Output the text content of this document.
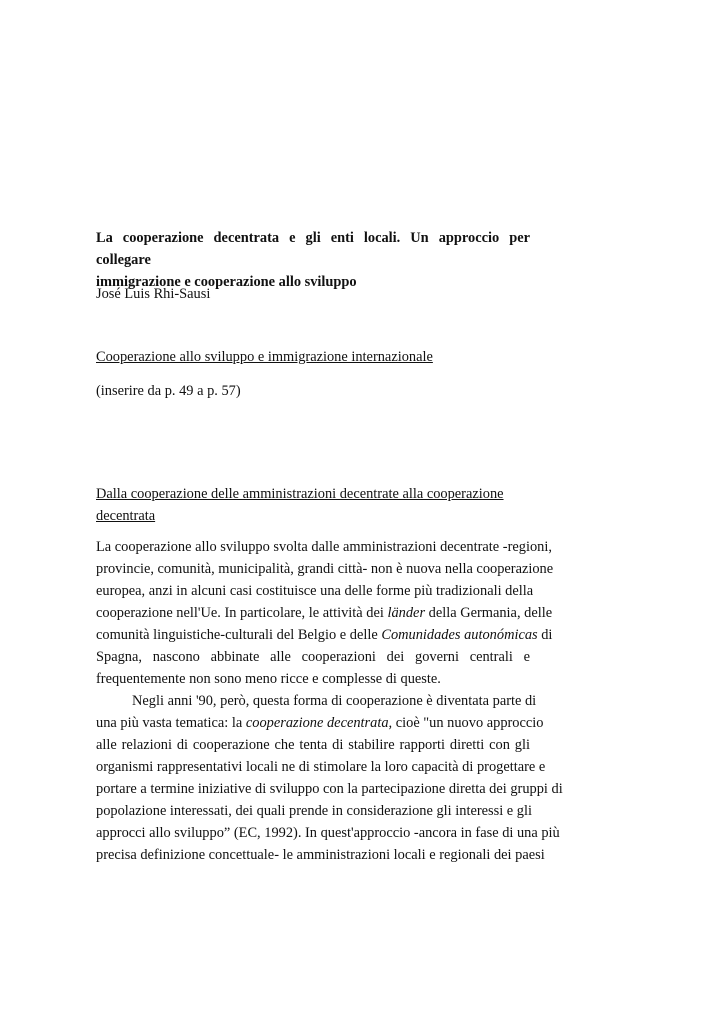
La cooperazione decentrata e gli enti locali. Un approccio per collegare
immigrazione e cooperazione allo sviluppo
José Luis Rhi-Sausi
Cooperazione allo sviluppo e immigrazione internazionale
(inserire da p. 49 a p. 57)
Dalla cooperazione delle amministrazioni decentrate alla cooperazione
decentrata
La cooperazione allo sviluppo svolta dalle amministrazioni decentrate -regioni,
provincie, comunità, municipalità, grandi città- non è nuova nella cooperazione
europea, anzi in alcuni casi costituisce una delle forme più tradizionali della
cooperazione nell'Ue. In particolare, le attività dei länder della Germania, delle
comunità linguistiche-culturali del Belgio e delle Comunidades autonómicas di
Spagna, nascono abbinate alle cooperazioni dei governi centrali e
frequentemente non sono meno ricce e complesse di queste.
Negli anni '90, però, questa forma di cooperazione è diventata parte di
una più vasta tematica: la cooperazione decentrata, cioè "un nuovo approccio
alle relazioni di cooperazione che tenta di stabilire rapporti diretti con gli
organismi rappresentativi locali ne di stimolare la loro capacità di progettare e
portare a termine iniziative di sviluppo con la partecipazione diretta dei gruppi di
popolazione interessati, dei quali prende in considerazione gli interessi e gli
approcci allo sviluppo” (EC, 1992). In quest'approccio -ancora in fase di una più
precisa definizione concettuale- le amministrazioni locali e regionali dei paesi
